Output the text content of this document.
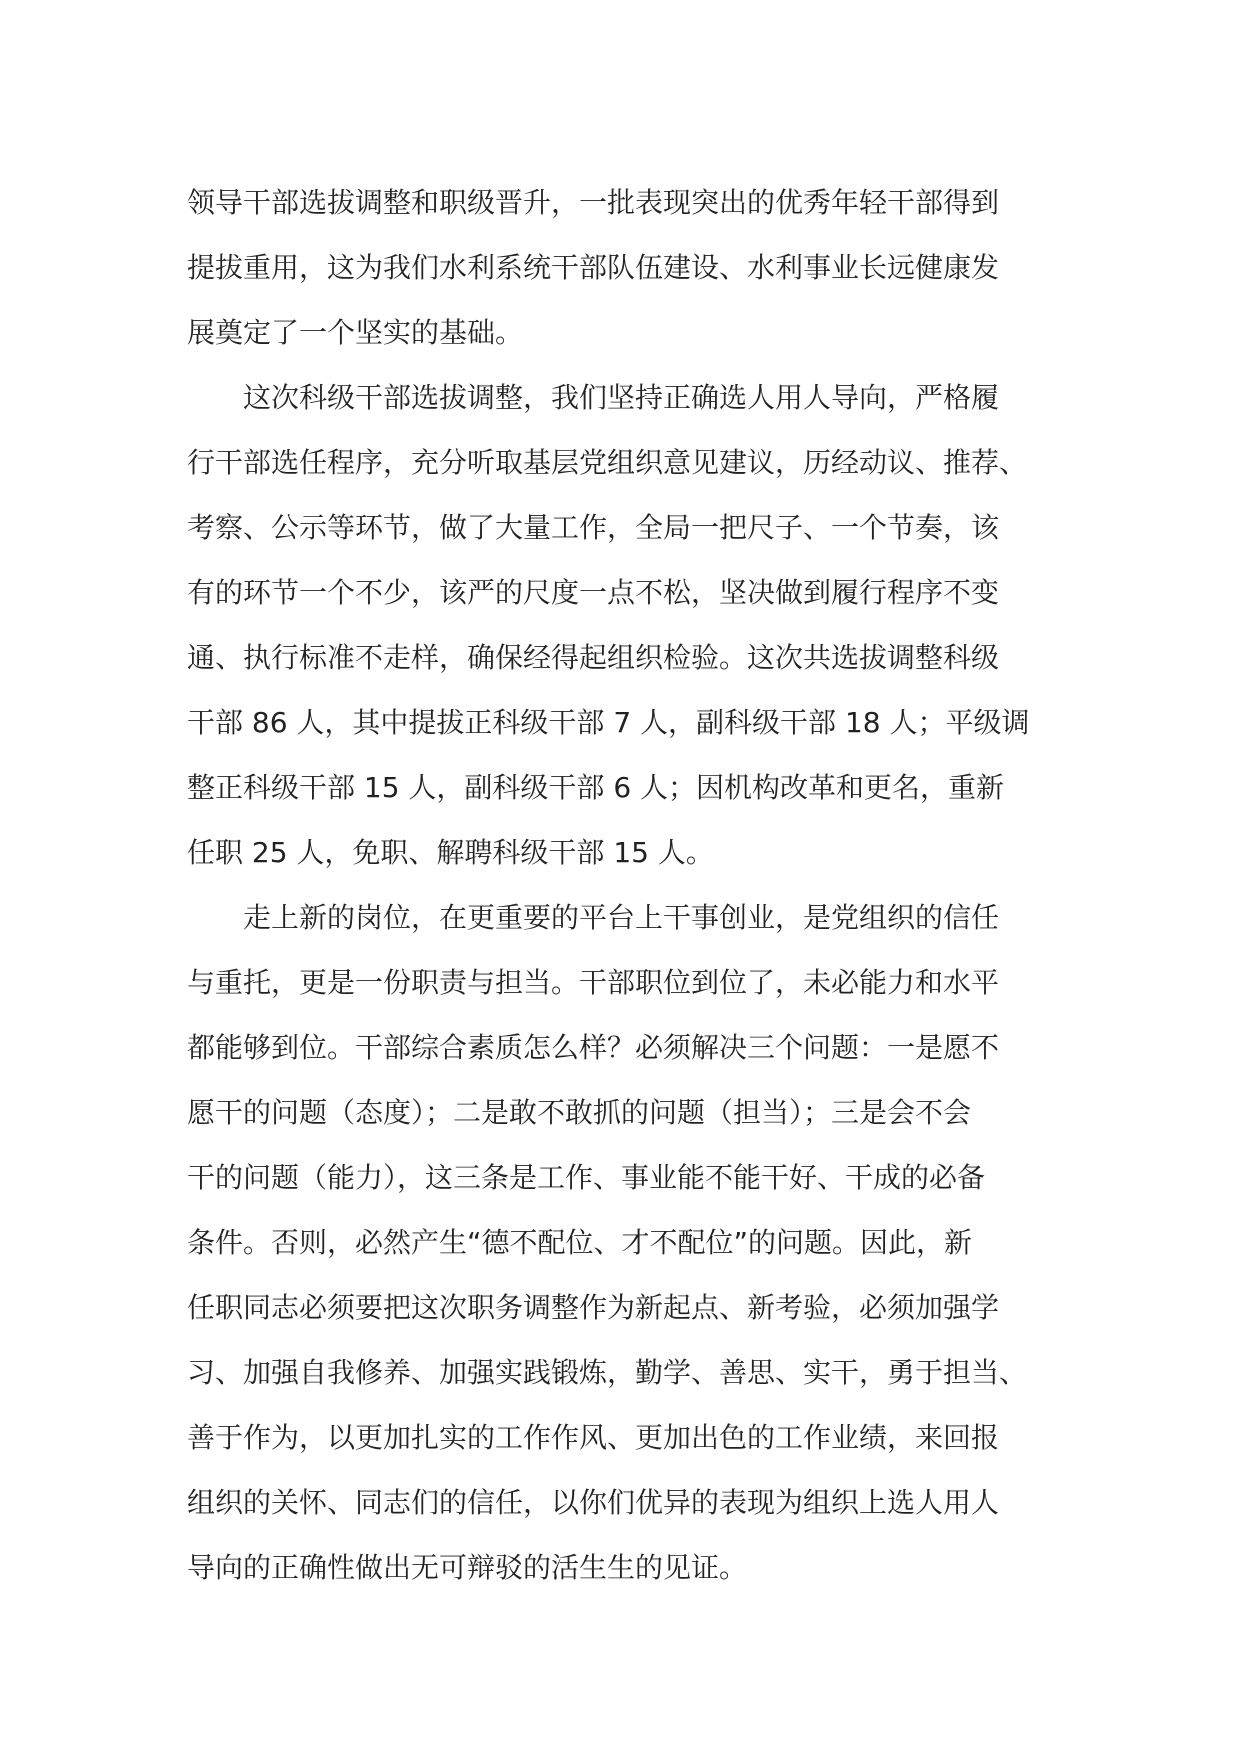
领导干部选拔调整和职级晋升，一批表现突出的优秀年轻干部得到
提拔重用，这为我们水利系统干部队伍建设、水利事业长远健康发
展奠定了一个坚实的基础。
　　这次科级干部选拔调整，我们坚持正确选人用人导向，严格履
行干部选任程序，充分听取基层党组织意见建议，历经动议、推荐、
考察、公示等环节，做了大量工作，全局一把尺子、一个节奏，该
有的环节一个不少，该严的尺度一点不松，坚决做到履行程序不变
通、执行标准不走样，确保经得起组织检验。这次共选拔调整科级
干部 86 人，其中提拔正科级干部 7 人，副科级干部 18 人；平级调
整正科级干部 15 人，副科级干部 6 人；因机构改革和更名，重新
任职 25 人，免职、解聘科级干部 15 人。
　　走上新的岗位，在更重要的平台上干事创业，是党组织的信任
与重托，更是一份职责与担当。干部职位到位了，未必能力和水平
都能够到位。干部综合素质怎么样？必须解决三个问题：一是愿不
愿干的问题（态度）；二是敢不敢抓的问题（担当）；三是会不会
干的问题（能力），这三条是工作、事业能不能干好、干成的必备
条件。否则，必然产生“德不配位、才不配位”的问题。因此，新
任职同志必须要把这次职务调整作为新起点、新考验，必须加强学
习、加强自我修养、加强实践锻炼，勤学、善思、实干，勇于担当、
善于作为，以更加扎实的工作作风、更加出色的工作业绩，来回报
组织的关怀、同志们的信任，以你们优异的表现为组织上选人用人
导向的正确性做出无可辩驳的活生生的见证。
